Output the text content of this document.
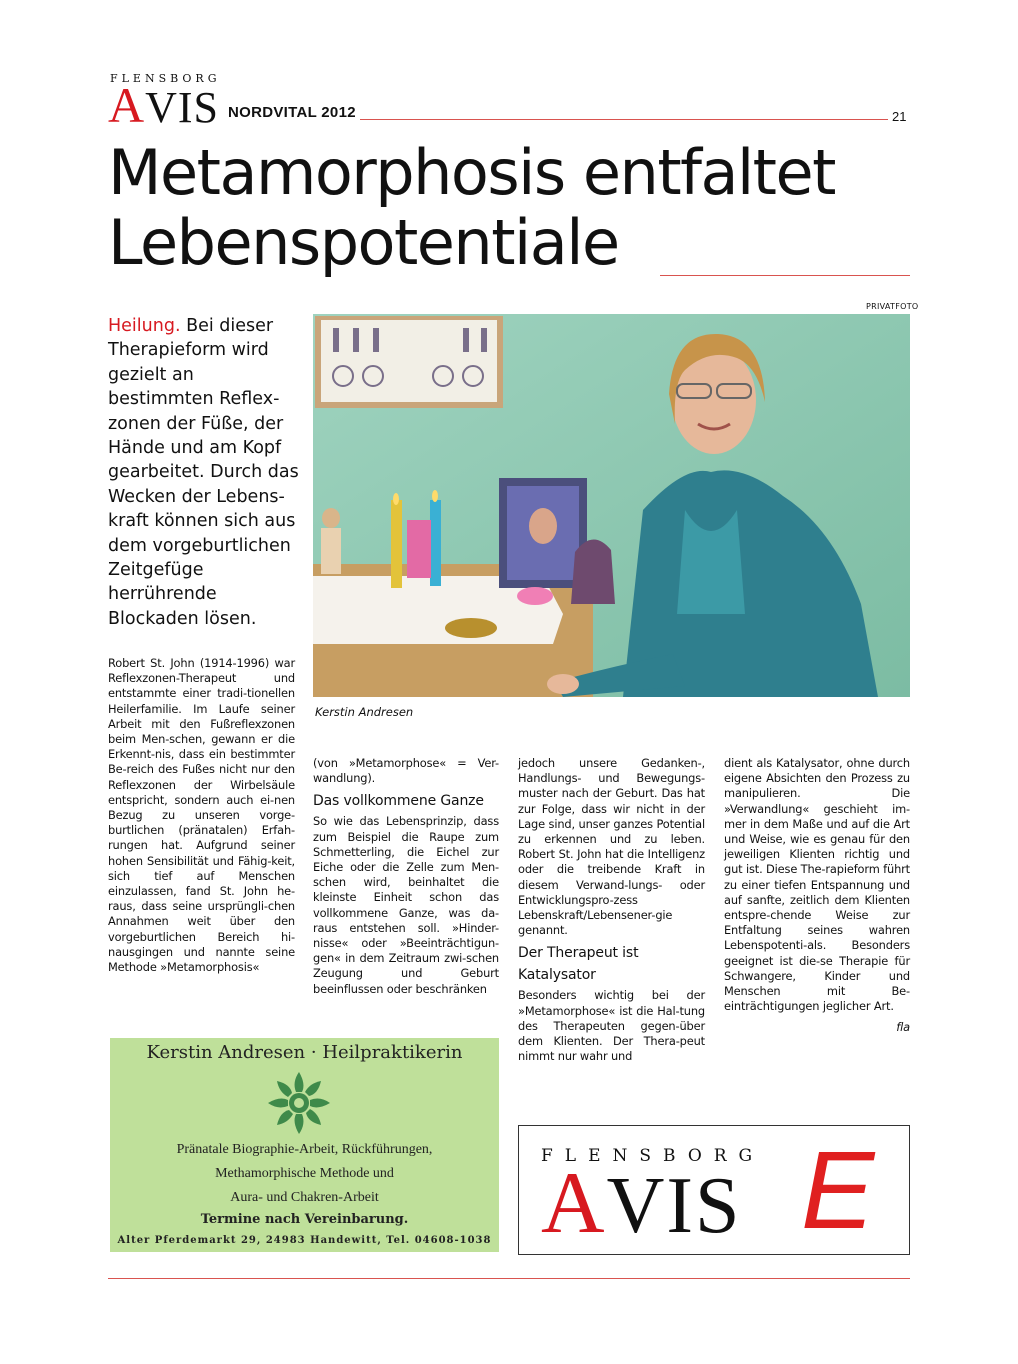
FLENSBORG
AVIS NORDVITAL 2012	21
Metamorphosis entfaltet
Lebenspotentiale
PRIVATFOTO
Heilung. Bei dieser Therapieform wird gezielt an bestimmten Reflex-zonen der Füße, der Hände und am Kopf gearbeitet. Durch das Wecken der Lebens-kraft können sich aus dem vorgeburtlichen Zeitgefüge herrührende Blockaden lösen.
Kerstin Andresen

Robert St. John (1914-1996) war Reflexzonen-Therapeut und entstammte einer tradi-tionellen Heilerfamilie. Im Laufe seiner Arbeit mit den Fußreflexzonen beim Men-schen, gewann er die Erkennt-nis, dass ein bestimmter Be-reich des Fußes nicht nur den Reflexzonen der Wirbelsäule entspricht, sondern auch ei-nen Bezug zu unseren vorge-burtlichen (pränatalen) Erfah-rungen hat. Aufgrund seiner hohen Sensibilität und Fähig-keit, sich tief auf Menschen einzulassen, fand St. John he-raus, dass seine ursprüngli-chen Annahmen weit über den vorgeburtlichen Bereich hi-nausgingen und nannte seine Methode »Metamorphosis«

(von »Metamorphose« = Ver-wandlung).

Das vollkommene Ganze

So wie das Lebensprinzip, dass zum Beispiel die Raupe zum Schmetterling, die Eichel zur Eiche oder die Zelle zum Men-schen wird, beinhaltet die kleinste Einheit schon das vollkommene Ganze, was da-raus entstehen soll. »Hinder-nisse« oder »Beeinträchtigun-gen« in dem Zeitraum zwi-schen Zeugung und Geburt beeinflussen oder beschränken

jedoch unsere Gedanken-, Handlungs- und Bewegungs-muster nach der Geburt. Das hat zur Folge, dass wir nicht in der Lage sind, unser ganzes Potential zu erkennen und zu leben. Robert St. John hat die Intelligenz oder die treibende Kraft in diesem Verwand-lungs- oder Entwicklungspro-zess Lebenskraft/Lebensener-gie genannt.

Der Therapeut ist Katalysator

Besonders wichtig bei der »Metamorphose« ist die Hal-tung des Therapeuten gegen-über dem Klienten. Der Thera-peut nimmt nur wahr und

dient als Katalysator, ohne durch eigene Absichten den Prozess zu manipulieren. Die »Verwandlung« geschieht im-mer in dem Maße und auf die Art und Weise, wie es genau für den jeweiligen Klienten richtig und gut ist. Diese The-rapieform führt zu einer tiefen Entspannung und auf sanfte, zeitlich dem Klienten entspre-chende Weise zur Entfaltung seines wahren Lebenspotenti-als. Besonders geeignet ist die-se Therapie für Schwangere, Kinder und Menschen mit Be-einträchtigungen jeglicher Art.

fla
Kerstin Andresen · Heilpraktikerin
Pränatale Biographie-Arbeit, Rückführungen,
Methamorphische Methode und
Aura- und Chakren-Arbeit
Termine nach Vereinbarung.
Alter Pferdemarkt 29, 24983 Handewitt, Tel. 04608-1038
FLENSBORG
AVIS E
